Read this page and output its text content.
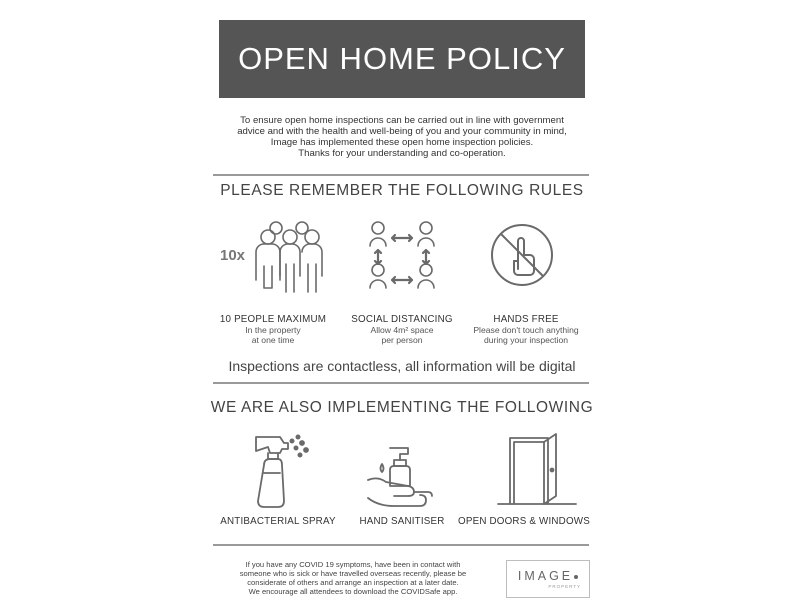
OPEN HOME POLICY
To ensure open home inspections can be carried out in line with government
advice and with the health and well-being of you and your community in mind,
Image has implemented these open home inspection policies.
Thanks for your understanding and co-operation.
PLEASE REMEMBER THE FOLLOWING RULES
10x
10 PEOPLE MAXIMUM
In the property
at one time
SOCIAL DISTANCING
Allow 4m² space
per person
HANDS FREE
Please don't touch anything
during your inspection
Inspections are contactless, all information will be digital
WE ARE ALSO IMPLEMENTING THE FOLLOWING
ANTIBACTERIAL SPRAY	HAND SANITISER	OPEN DOORS & WINDOWS
If you have any COVID 19 symptoms, have been in contact with
someone who is sick or have travelled overseas recently, please be
considerate of others and arrange an inspection at a later date.
We encourage all attendees to download the COVIDSafe app.
IMAGE
PROPERTY
